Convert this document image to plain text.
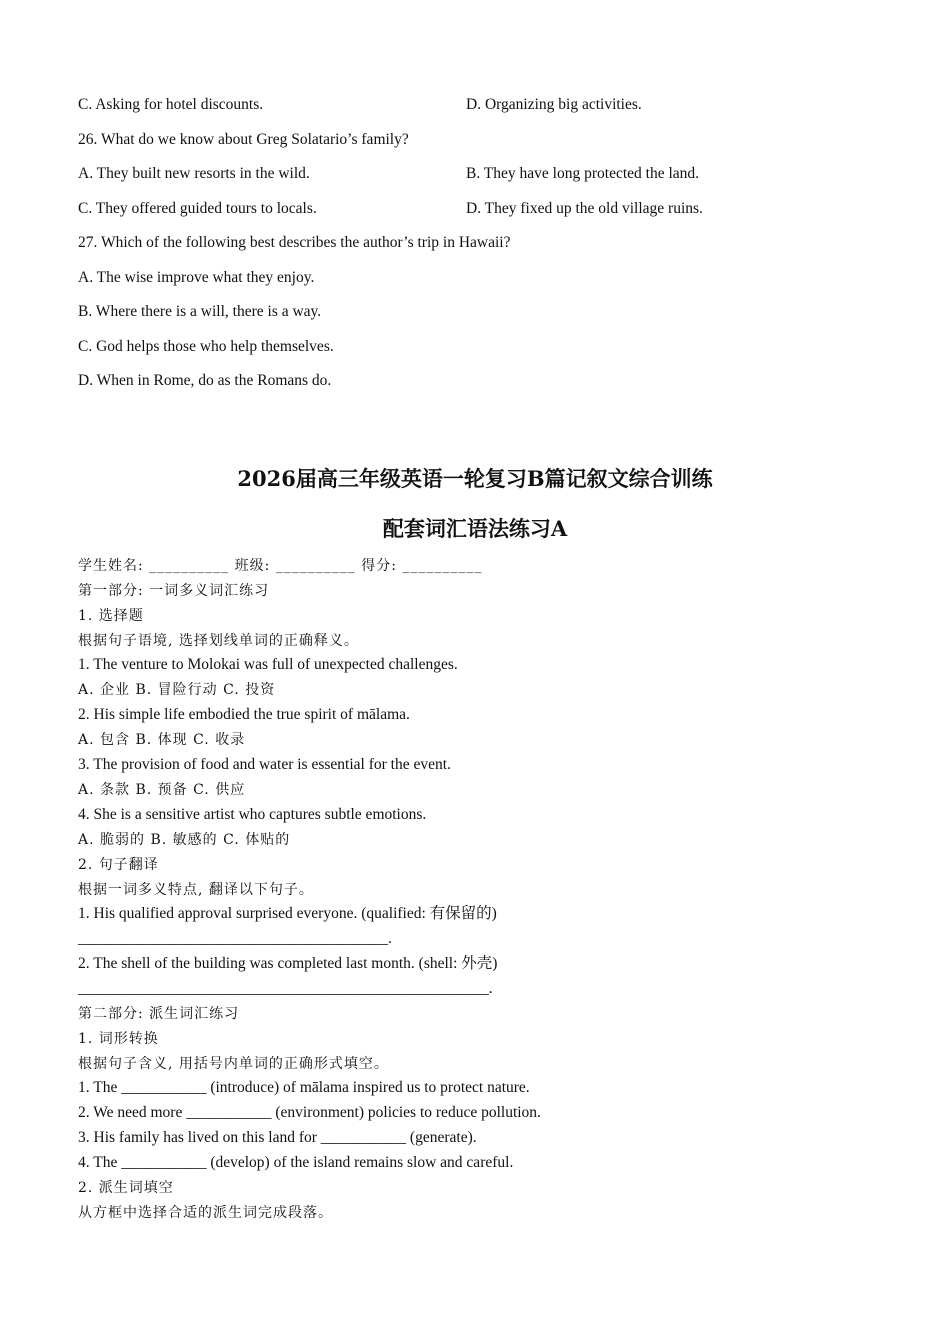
C. Asking for hotel discounts.	D. Organizing big activities.
26. What do we know about Greg Solatario’s family?
A. They built new resorts in the wild.	B. They have long protected the land.
C. They offered guided tours to locals.	D. They fixed up the old village ruins.
27. Which of the following best describes the author’s trip in Hawaii?
A. The wise improve what they enjoy.
B. Where there is a will, there is a way.
C. God helps those who help themselves.
D. When in Rome, do as the Romans do.
2026届高三年级英语一轮复习B篇记叙文综合训练
配套词汇语法练习A
学生姓名: __________ 班级: __________ 得分: __________
第一部分: 一词多义词汇练习
1. 选择题
根据句子语境, 选择划线单词的正确释义。
1. The venture to Molokai was full of unexpected challenges.
A. 企业 B. 冒险行动 C. 投资
2. His simple life embodied the true spirit of mālama.
A. 包含 B. 体现 C. 收录
3. The provision of food and water is essential for the event.
A. 条款 B. 预备 C. 供应
4. She is a sensitive artist who captures subtle emotions.
A. 脆弱的 B. 敏感的 C. 体贴的
2. 句子翻译
根据一词多义特点, 翻译以下句子。
1. His qualified approval surprised everyone. (qualified: 有保留的)
________________________________________.
2. The shell of the building was completed last month. (shell: 外壳)
_____________________________________________________.
第二部分: 派生词汇练习
1. 词形转换
根据句子含义, 用括号内单词的正确形式填空。
1. The ___________ (introduce) of mālama inspired us to protect nature.
2. We need more ___________ (environment) policies to reduce pollution.
3. His family has lived on this land for ___________ (generate).
4. The ___________ (develop) of the island remains slow and careful.
2. 派生词填空
从方框中选择合适的派生词完成段落。
